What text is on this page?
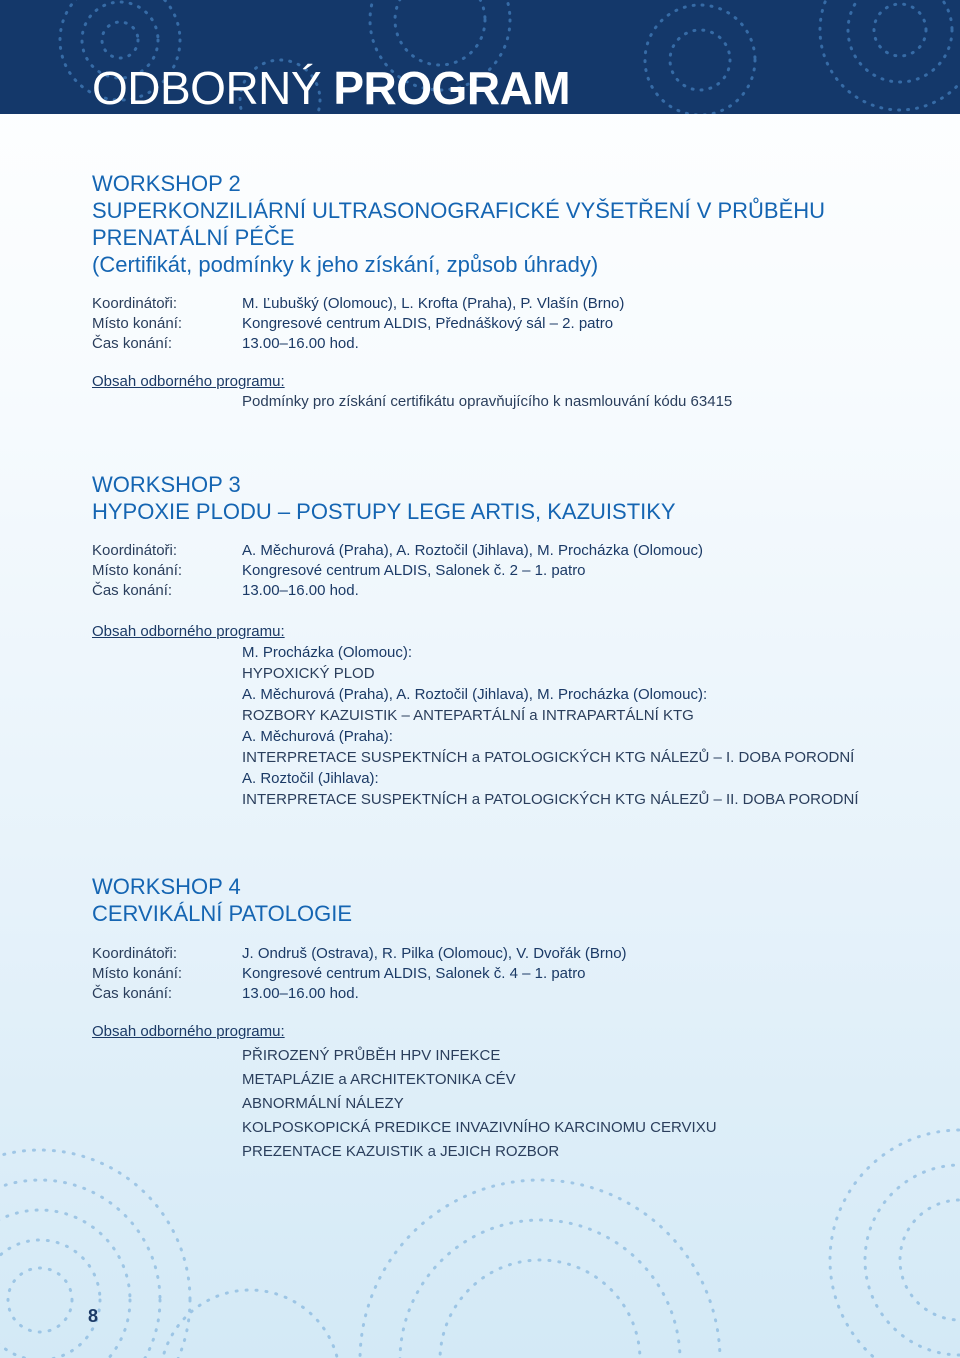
ODBORNÝ PROGRAM
WORKSHOP 2
SUPERKONZILIÁRNÍ ULTRASONOGRAFICKÉ VYŠETŘENÍ V PRŮBĚHU
PRENATÁLNÍ PÉČE
(Certifikát, podmínky k jeho získání, způsob úhrady)
Koordinátoři:	M. Ľubušký (Olomouc), L. Krofta (Praha), P. Vlašín (Brno)
Místo konání:	Kongresové centrum ALDIS, Přednáškový sál – 2. patro
Čas konání:	13.00–16.00 hod.
Obsah odborného programu:
Podmínky pro získání certifikátu opravňujícího k nasmlouvání kódu 63415
WORKSHOP 3
HYPOXIE PLODU – POSTUPY LEGE ARTIS, KAZUISTIKY
Koordinátoři:	A. Měchurová (Praha), A. Roztočil (Jihlava), M. Procházka (Olomouc)
Místo konání:	Kongresové centrum ALDIS, Salonek č. 2 – 1. patro
Čas konání:	13.00–16.00 hod.
Obsah odborného programu:
M. Procházka (Olomouc):
HYPOXICKÝ PLOD
A. Měchurová (Praha), A. Roztočil (Jihlava), M. Procházka (Olomouc):
ROZBORY KAZUISTIK – ANTEPARTÁLNÍ a INTRAPARTÁLNÍ KTG
A. Měchurová (Praha):
INTERPRETACE SUSPEKTNÍCH a PATOLOGICKÝCH KTG NÁLEZŮ – I. DOBA PORODNÍ
A. Roztočil (Jihlava):
INTERPRETACE SUSPEKTNÍCH a PATOLOGICKÝCH KTG NÁLEZŮ – II. DOBA PORODNÍ
WORKSHOP 4
CERVIKÁLNÍ PATOLOGIE
Koordinátoři:	J. Ondruš (Ostrava), R. Pilka (Olomouc), V. Dvořák (Brno)
Místo konání:	Kongresové centrum ALDIS, Salonek č. 4 – 1. patro
Čas konání:	13.00–16.00 hod.
Obsah odborného programu:
PŘIROZENÝ PRŮBĚH HPV INFEKCE
METAPLÁZIE a ARCHITEKTONIKA CÉV
ABNORMÁLNÍ NÁLEZY
KOLPOSKOPICKÁ PREDIKCE INVAZIVNÍHO KARCINOMU CERVIXU
PREZENTACE KAZUISTIK a JEJICH ROZBOR
8
